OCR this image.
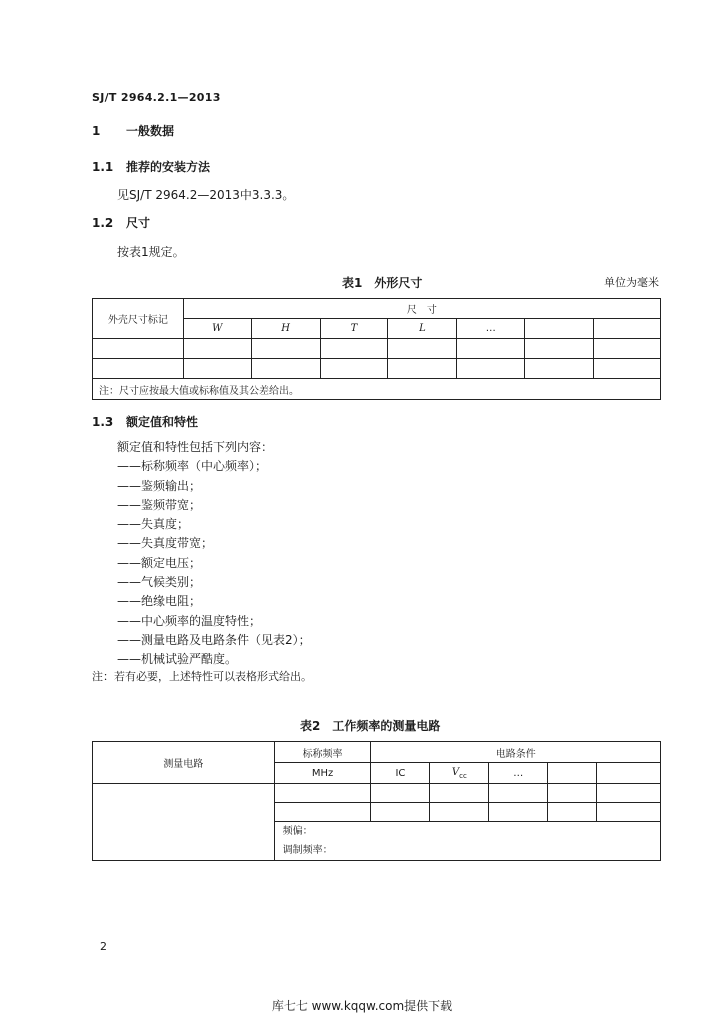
SJ/T 2964.2.1—2013
1 一般数据
1.1 推荐的安装方法
见SJ/T 2964.2—2013中3.3.3。
1.2 尺寸
按表1规定。
表1　外形尺寸	单位为毫米
外壳尺寸标记	尺　寸						
	W	H	T	L	…		

注：尺寸应按最大值或标称值及其公差给出。							
1.3 额定值和特性
额定值和特性包括下列内容：
——标称频率（中心频率）；
——鉴频输出；
——鉴频带宽；
——失真度；
——失真度带宽；
——额定电压；
——气候类别；
——绝缘电阻；
——中心频率的温度特性；
——测量电路及电路条件（见表2）；
——机械试验严酷度。
注：若有必要，上述特性可以表格形式给出。
表2　工作频率的测量电路
测量电路	标称频率	电路条件				
	MHz	IC	$V_{cc}$	…		

	频偏：
调制频率：					
2
库七七 www.kqqw.com提供下载
